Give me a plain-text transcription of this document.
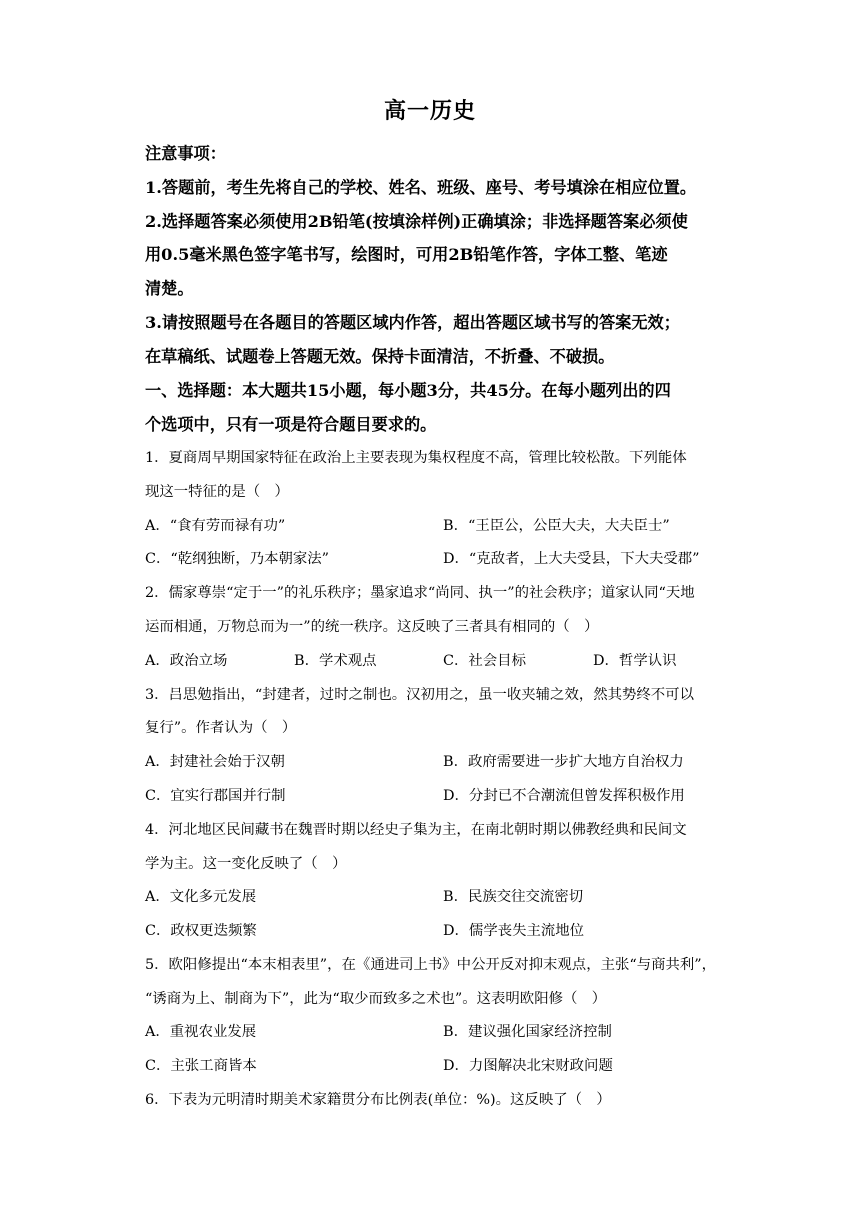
高一历史
注意事项：
1.答题前，考生先将自己的学校、姓名、班级、座号、考号填涂在相应位置。
2.选择题答案必须使用2B铅笔(按填涂样例)正确填涂；非选择题答案必须使
用0.5毫米黑色签字笔书写，绘图时，可用2B铅笔作答，字体工整、笔迹
清楚。
3.请按照题号在各题目的答题区域内作答，超出答题区域书写的答案无效；
在草稿纸、试题卷上答题无效。保持卡面清洁，不折叠、不破损。
一、选择题：本大题共15小题，每小题3分，共45分。在每小题列出的四
个选项中，只有一项是符合题目要求的。
1．夏商周早期国家特征在政治上主要表现为集权程度不高，管理比较松散。下列能体
现这一特征的是（　）
A．“食有劳而禄有功”	B．“王臣公，公臣大夫，大夫臣士”
C．“乾纲独断，乃本朝家法”	D．“克敌者，上大夫受县，下大夫受郡”
2．儒家尊崇“定于一”的礼乐秩序；墨家追求“尚同、执一”的社会秩序；道家认同“天地
运而相通，万物总而为一”的统一秩序。这反映了三者具有相同的（　）
A．政治立场	B．学术观点	C．社会目标	D．哲学认识
3．吕思勉指出，“封建者，过时之制也。汉初用之，虽一收夹辅之效，然其势终不可以
复行”。作者认为（　）
A．封建社会始于汉朝	B．政府需要进一步扩大地方自治权力
C．宜实行郡国并行制	D．分封已不合潮流但曾发挥积极作用
4．河北地区民间藏书在魏晋时期以经史子集为主，在南北朝时期以佛教经典和民间文
学为主。这一变化反映了（　）
A．文化多元发展	B．民族交往交流密切
C．政权更迭频繁	D．儒学丧失主流地位
5．欧阳修提出“本末相表里”，在《通进司上书》中公开反对抑末观点，主张“与商共利”，
“诱商为上、制商为下”，此为“取少而致多之术也”。这表明欧阳修（　）
A．重视农业发展	B．建议强化国家经济控制
C．主张工商皆本	D．力图解决北宋财政问题
6．下表为元明清时期美术家籍贯分布比例表(单位：%)。这反映了（　）
